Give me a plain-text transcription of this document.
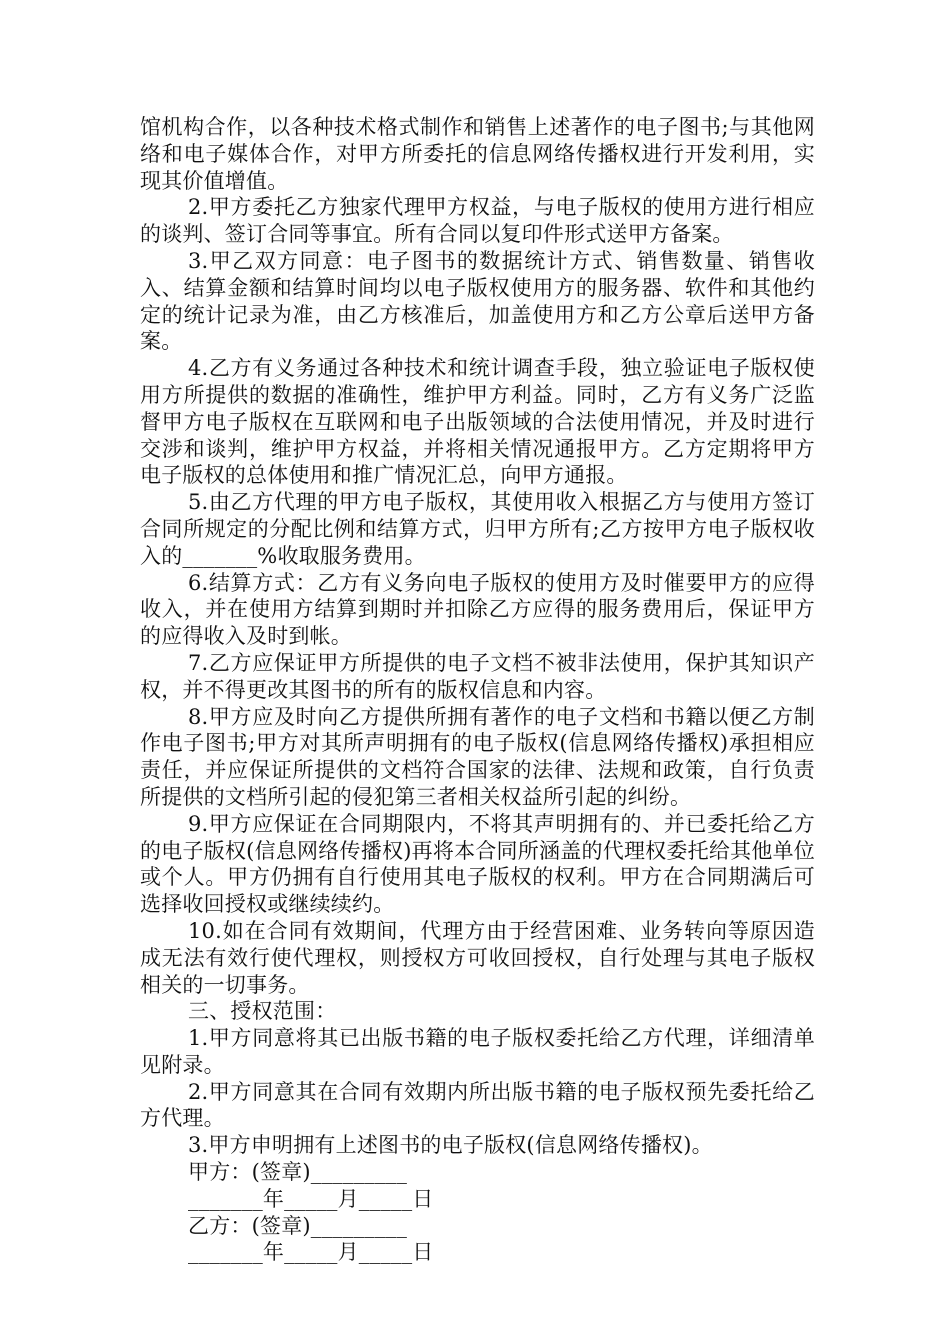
馆机构合作，以各种技术格式制作和销售上述著作的电子图书;与其他网络和电子媒体合作，对甲方所委托的信息网络传播权进行开发利用，实现其价值增值。

2.甲方委托乙方独家代理甲方权益，与电子版权的使用方进行相应的谈判、签订合同等事宜。所有合同以复印件形式送甲方备案。

3.甲乙双方同意：电子图书的数据统计方式、销售数量、销售收入、结算金额和结算时间均以电子版权使用方的服务器、软件和其他约定的统计记录为准，由乙方核准后，加盖使用方和乙方公章后送甲方备案。

4.乙方有义务通过各种技术和统计调查手段，独立验证电子版权使用方所提供的数据的准确性，维护甲方利益。同时，乙方有义务广泛监督甲方电子版权在互联网和电子出版领域的合法使用情况，并及时进行交涉和谈判，维护甲方权益，并将相关情况通报甲方。乙方定期将甲方电子版权的总体使用和推广情况汇总，向甲方通报。

5.由乙方代理的甲方电子版权，其使用收入根据乙方与使用方签订合同所规定的分配比例和结算方式，归甲方所有;乙方按甲方电子版权收入的_______%收取服务费用。

6.结算方式：乙方有义务向电子版权的使用方及时催要甲方的应得收入，并在使用方结算到期时并扣除乙方应得的服务费用后，保证甲方的应得收入及时到帐。

7.乙方应保证甲方所提供的电子文档不被非法使用，保护其知识产权，并不得更改其图书的所有的版权信息和内容。

8.甲方应及时向乙方提供所拥有著作的电子文档和书籍以便乙方制作电子图书;甲方对其所声明拥有的电子版权(信息网络传播权)承担相应责任，并应保证所提供的文档符合国家的法律、法规和政策，自行负责所提供的文档所引起的侵犯第三者相关权益所引起的纠纷。

9.甲方应保证在合同期限内，不将其声明拥有的、并已委托给乙方的电子版权(信息网络传播权)再将本合同所涵盖的代理权委托给其他单位或个人。甲方仍拥有自行使用其电子版权的权利。甲方在合同期满后可选择收回授权或继续续约。

10.如在合同有效期间，代理方由于经营困难、业务转向等原因造成无法有效行使代理权，则授权方可收回授权，自行处理与其电子版权相关的一切事务。

三、授权范围：

1.甲方同意将其已出版书籍的电子版权委托给乙方代理，详细清单见附录。

2.甲方同意其在合同有效期内所出版书籍的电子版权预先委托给乙方代理。

3.甲方申明拥有上述图书的电子版权(信息网络传播权)。

甲方：(签章)_________

_______年_____月_____日

乙方：(签章)_________

_______年_____月_____日
